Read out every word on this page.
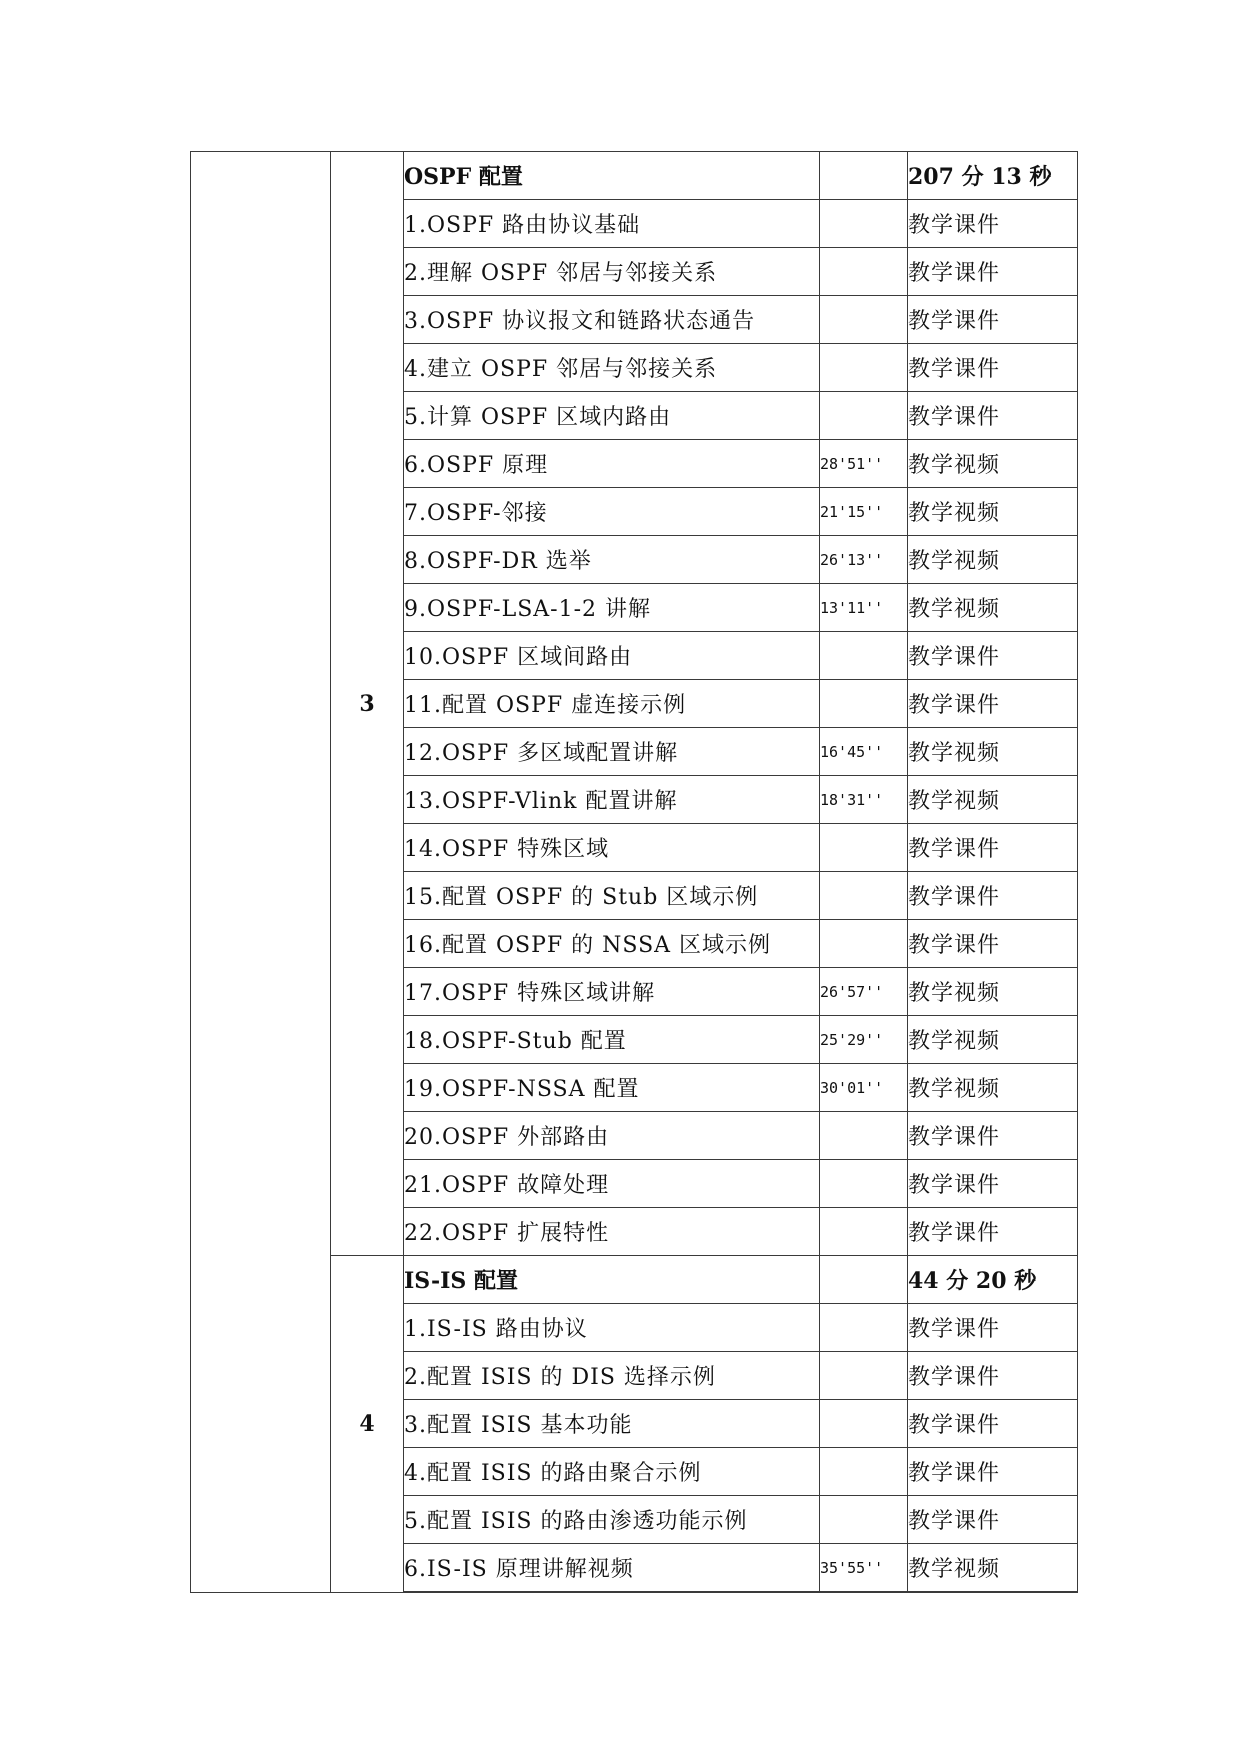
	3	OSPF 配置		207 分 13 秒
		1.OSPF 路由协议基础		教学课件
		2.理解 OSPF 邻居与邻接关系		教学课件
		3.OSPF 协议报文和链路状态通告		教学课件
		4.建立 OSPF 邻居与邻接关系		教学课件
		5.计算 OSPF 区域内路由		教学课件
		6.OSPF 原理	28'51''	教学视频
		7.OSPF-邻接	21'15''	教学视频
		8.OSPF-DR 选举	26'13''	教学视频
		9.OSPF-LSA-1-2 讲解	13'11''	教学视频
		10.OSPF 区域间路由		教学课件
		11.配置 OSPF 虚连接示例		教学课件
		12.OSPF 多区域配置讲解	16'45''	教学视频
		13.OSPF-Vlink 配置讲解	18'31''	教学视频
		14.OSPF 特殊区域		教学课件
		15.配置 OSPF 的 Stub 区域示例		教学课件
		16.配置 OSPF 的 NSSA 区域示例		教学课件
		17.OSPF 特殊区域讲解	26'57''	教学视频
		18.OSPF-Stub 配置	25'29''	教学视频
		19.OSPF-NSSA 配置	30'01''	教学视频
		20.OSPF 外部路由		教学课件
		21.OSPF 故障处理		教学课件
		22.OSPF 扩展特性		教学课件
	4	IS-IS 配置		44 分 20 秒
		1.IS-IS 路由协议		教学课件
		2.配置 ISIS 的 DIS 选择示例		教学课件
		3.配置 ISIS 基本功能		教学课件
		4.配置 ISIS 的路由聚合示例		教学课件
		5.配置 ISIS 的路由渗透功能示例		教学课件
		6.IS-IS 原理讲解视频	35'55''	教学视频
